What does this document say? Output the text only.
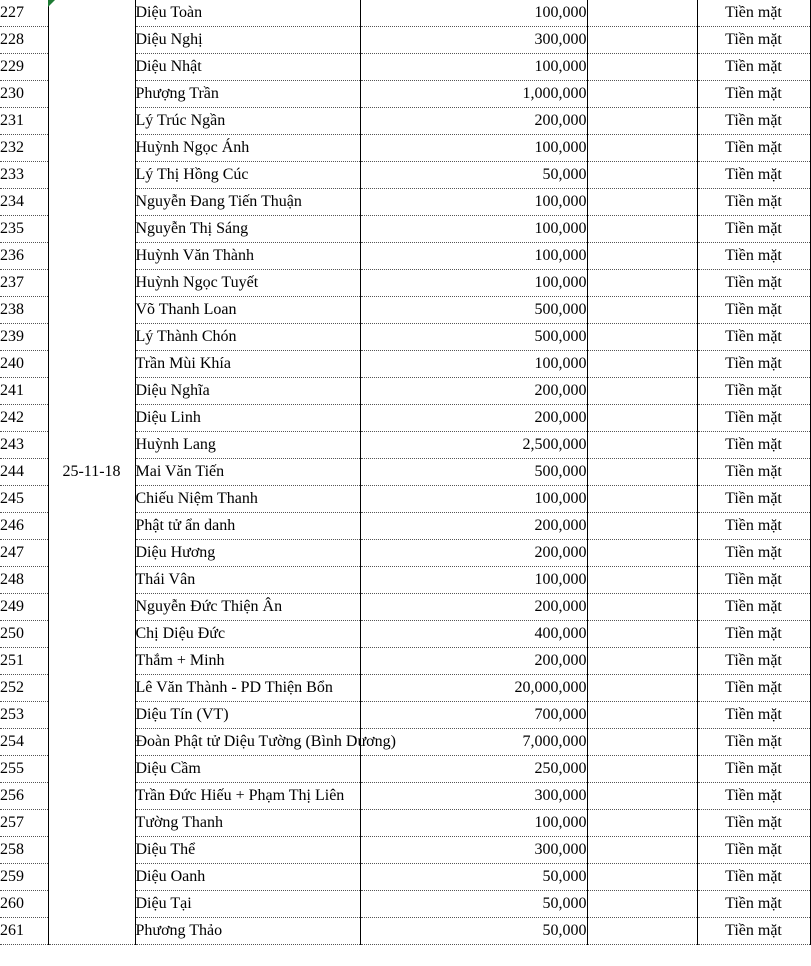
227	25-11-18	Diệu Toàn	100,000		Tiền mặt
228		Diệu Nghị	300,000		Tiền mặt
229		Diệu Nhật	100,000		Tiền mặt
230		Phượng Trần	1,000,000		Tiền mặt
231		Lý Trúc Ngần	200,000		Tiền mặt
232		Huỳnh Ngọc Ánh	100,000		Tiền mặt
233		Lý Thị Hồng Cúc	50,000		Tiền mặt
234		Nguyễn Đang Tiến Thuận	100,000		Tiền mặt
235		Nguyễn Thị Sáng	100,000		Tiền mặt
236		Huỳnh Văn Thành	100,000		Tiền mặt
237		Huỳnh Ngọc Tuyết	100,000		Tiền mặt
238		Võ Thanh Loan	500,000		Tiền mặt
239		Lý Thành Chón	500,000		Tiền mặt
240		Trần Mùi Khía	100,000		Tiền mặt
241		Diệu Nghĩa	200,000		Tiền mặt
242		Diệu Linh	200,000		Tiền mặt
243		Huỳnh Lang	2,500,000		Tiền mặt
244		Mai Văn Tiến	500,000		Tiền mặt
245		Chiếu Niệm Thanh	100,000		Tiền mặt
246		Phật tử ẩn danh	200,000		Tiền mặt
247		Diệu Hương	200,000		Tiền mặt
248		Thái Vân	100,000		Tiền mặt
249		Nguyễn Đức Thiện Ân	200,000		Tiền mặt
250		Chị Diệu Đức	400,000		Tiền mặt
251		Thắm + Minh	200,000		Tiền mặt
252		Lê Văn Thành - PD Thiện Bổn	20,000,000		Tiền mặt
253		Diệu Tín (VT)	700,000		Tiền mặt
254		Đoàn Phật tử Diệu Tường (Bình Dương)	7,000,000		Tiền mặt
255		Diệu Cầm	250,000		Tiền mặt
256		Trần Đức Hiếu + Phạm Thị Liên	300,000		Tiền mặt
257		Tường Thanh	100,000		Tiền mặt
258		Diệu Thể	300,000		Tiền mặt
259		Diệu Oanh	50,000		Tiền mặt
260		Diệu Tại	50,000		Tiền mặt
261		Phương Thảo	50,000		Tiền mặt
